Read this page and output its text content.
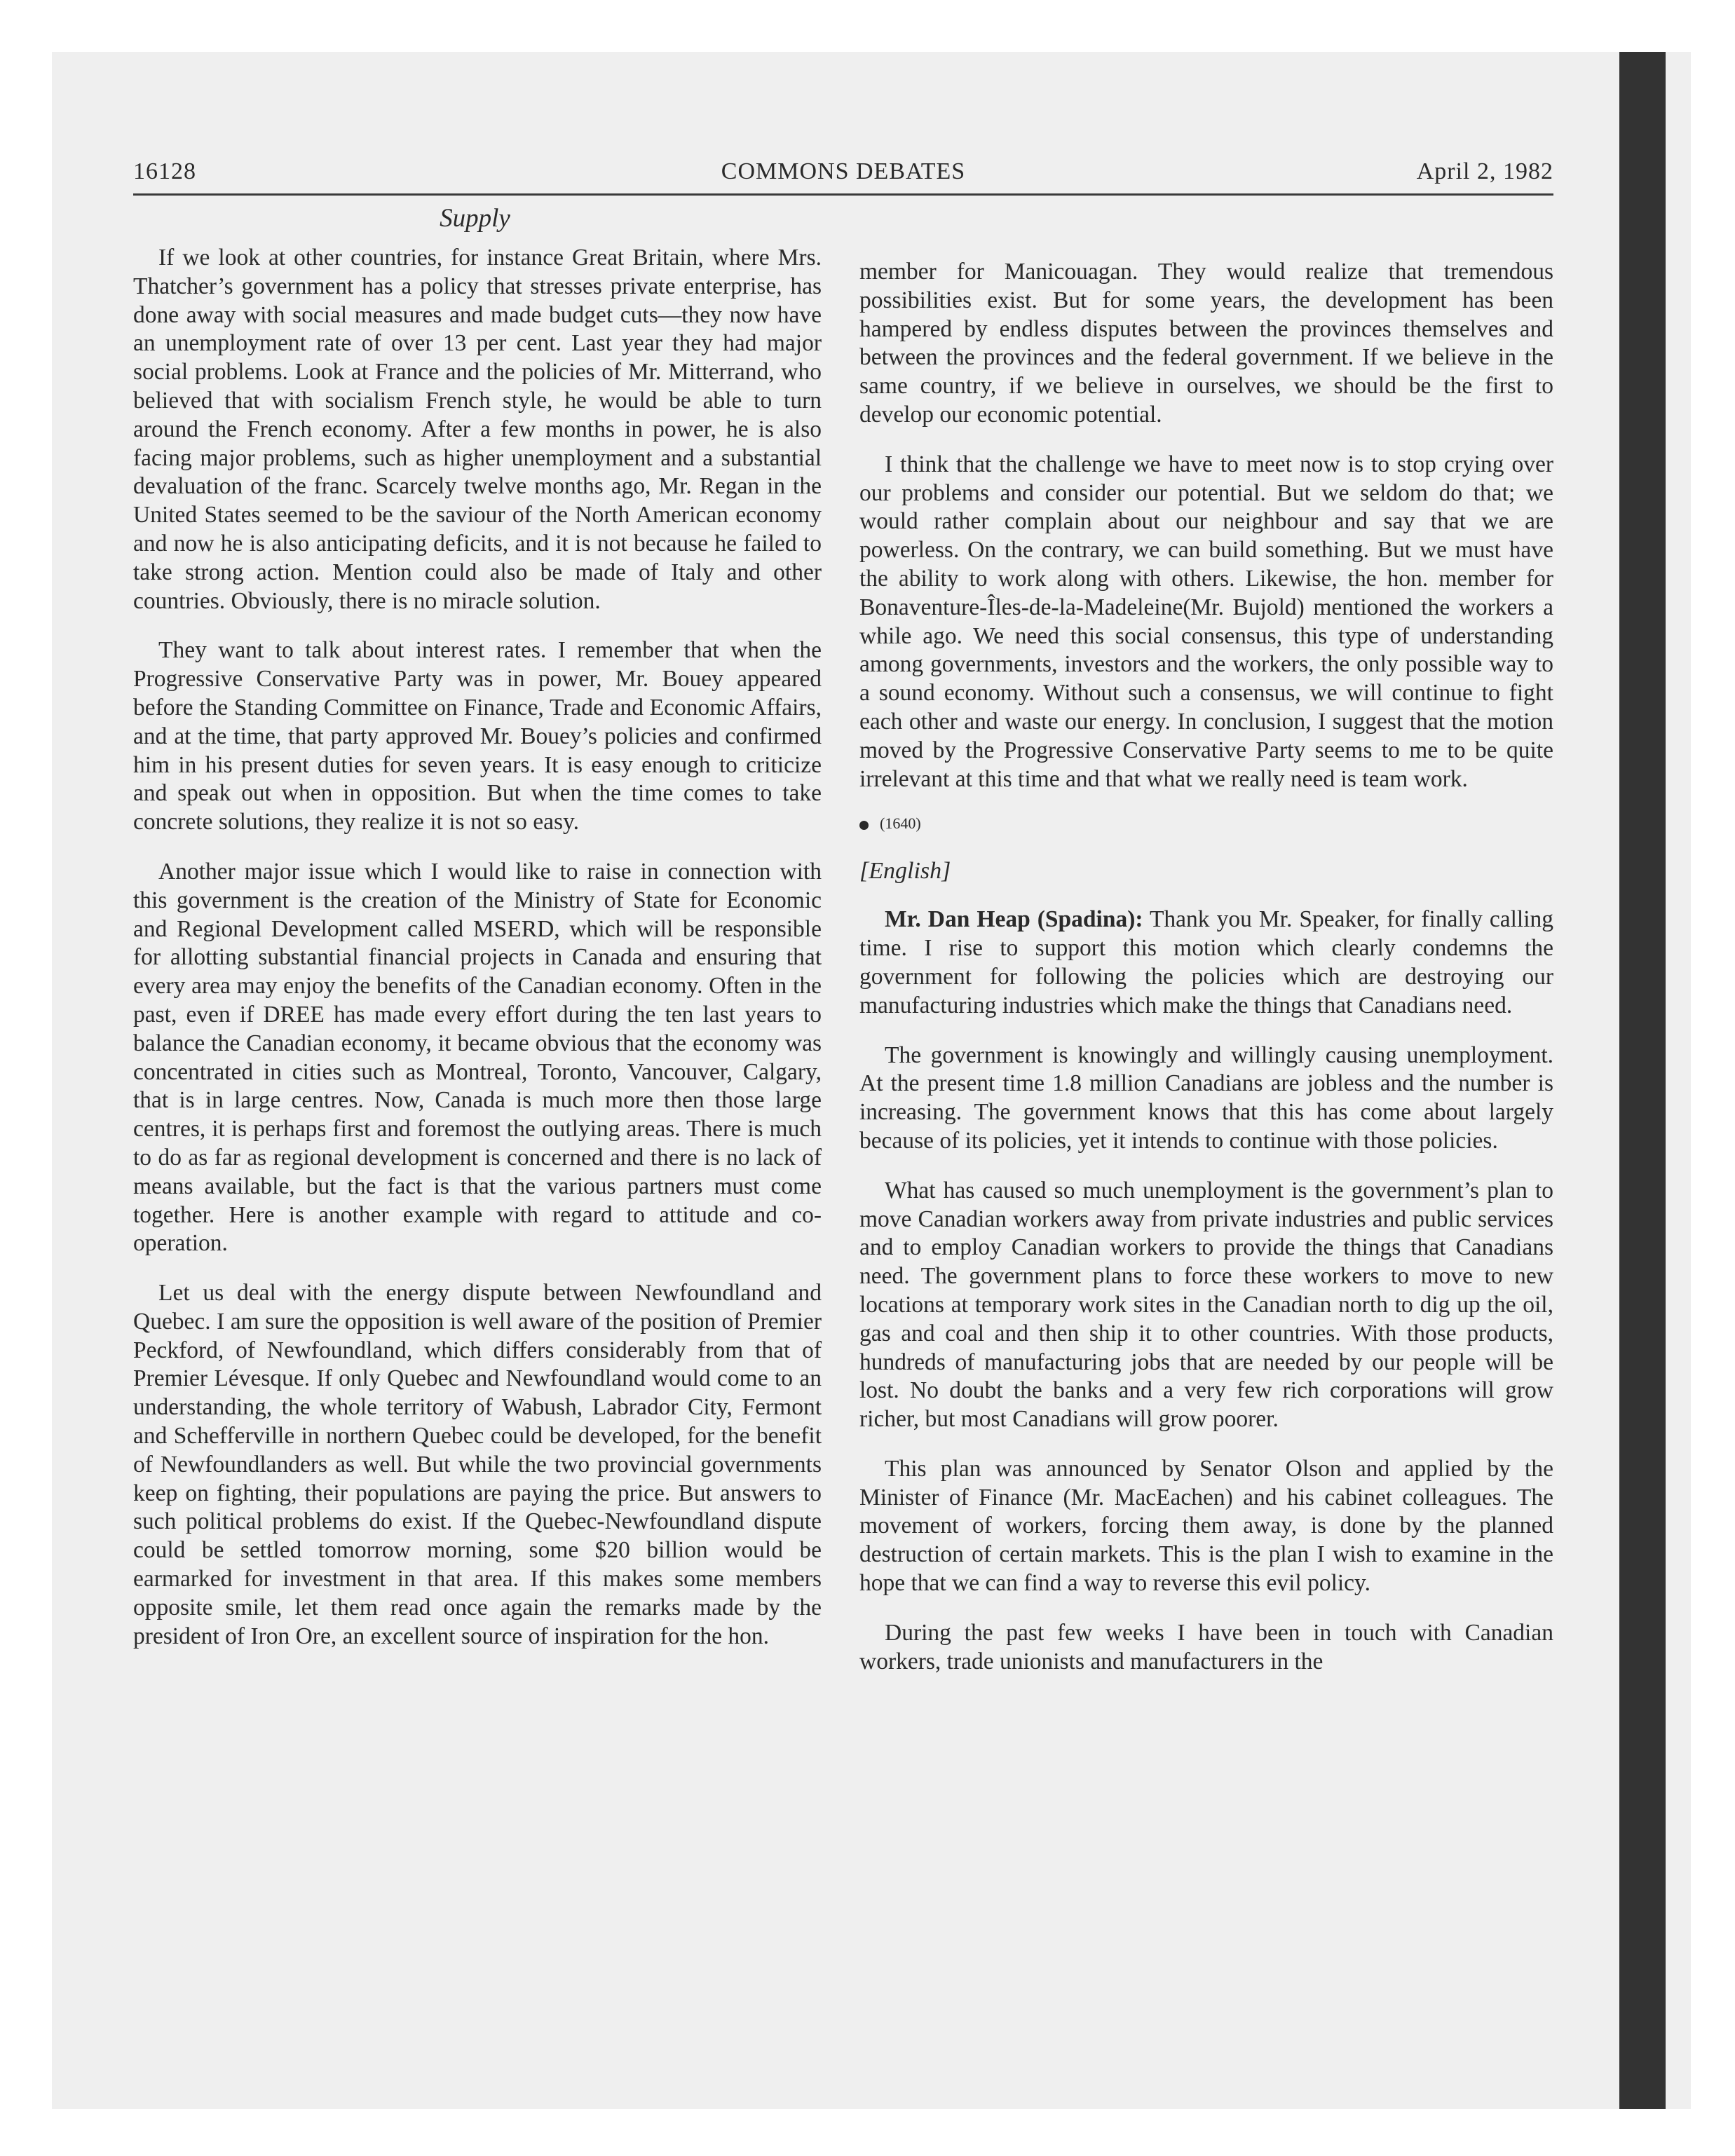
16128	COMMONS DEBATES	April 2, 1982
Supply

If we look at other countries, for instance Great Britain, where Mrs. Thatcher’s government has a policy that stresses private enterprise, has done away with social measures and made budget cuts—they now have an unemployment rate of over 13 per cent. Last year they had major social problems. Look at France and the policies of Mr. Mitterrand, who believed that with socialism French style, he would be able to turn around the French economy. After a few months in power, he is also facing major problems, such as higher unemployment and a substantial devaluation of the franc. Scarcely twelve months ago, Mr. Regan in the United States seemed to be the saviour of the North American economy and now he is also anticipating deficits, and it is not because he failed to take strong action. Mention could also be made of Italy and other countries. Obviously, there is no miracle solution.

They want to talk about interest rates. I remember that when the Progressive Conservative Party was in power, Mr. Bouey appeared before the Standing Committee on Finance, Trade and Economic Affairs, and at the time, that party approved Mr. Bouey’s policies and confirmed him in his present duties for seven years. It is easy enough to criticize and speak out when in opposition. But when the time comes to take concrete solutions, they realize it is not so easy.

Another major issue which I would like to raise in connection with this government is the creation of the Ministry of State for Economic and Regional Development called MSERD, which will be responsible for allotting substantial financial projects in Canada and ensuring that every area may enjoy the benefits of the Canadian economy. Often in the past, even if DREE has made every effort during the ten last years to balance the Canadian economy, it became obvious that the economy was concentrated in cities such as Montreal, Toronto, Vancouver, Calgary, that is in large centres. Now, Canada is much more then those large centres, it is perhaps first and foremost the outlying areas. There is much to do as far as regional development is concerned and there is no lack of means available, but the fact is that the various partners must come together. Here is another example with regard to attitude and co-operation.

Let us deal with the energy dispute between Newfoundland and Quebec. I am sure the opposition is well aware of the position of Premier Peckford, of Newfoundland, which differs considerably from that of Premier Lévesque. If only Quebec and Newfoundland would come to an understanding, the whole territory of Wabush, Labrador City, Fermont and Schefferville in northern Quebec could be developed, for the benefit of Newfoundlanders as well. But while the two provincial governments keep on fighting, their populations are paying the price. But answers to such political problems do exist. If the Quebec-Newfoundland dispute could be settled tomorrow morning, some $20 billion would be earmarked for investment in that area. If this makes some members opposite smile, let them read once again the remarks made by the president of Iron Ore, an excellent source of inspiration for the hon.

member for Manicouagan. They would realize that tremendous possibilities exist. But for some years, the development has been hampered by endless disputes between the provinces themselves and between the provinces and the federal government. If we believe in the same country, if we believe in ourselves, we should be the first to develop our economic potential.

I think that the challenge we have to meet now is to stop crying over our problems and consider our potential. But we seldom do that; we would rather complain about our neighbour and say that we are powerless. On the contrary, we can build something. But we must have the ability to work along with others. Likewise, the hon. member for Bonaventure-Îles-de-la-Madeleine(Mr. Bujold) mentioned the workers a while ago. We need this social consensus, this type of understanding among governments, investors and the workers, the only possible way to a sound economy. Without such a consensus, we will continue to fight each other and waste our energy. In conclusion, I suggest that the motion moved by the Progressive Conservative Party seems to me to be quite irrelevant at this time and that what we really need is team work.

(1640)
[English]

Mr. Dan Heap (Spadina): Thank you Mr. Speaker, for finally calling time. I rise to support this motion which clearly condemns the government for following the policies which are destroying our manufacturing industries which make the things that Canadians need.

The government is knowingly and willingly causing unemployment. At the present time 1.8 million Canadians are jobless and the number is increasing. The government knows that this has come about largely because of its policies, yet it intends to continue with those policies.

What has caused so much unemployment is the government’s plan to move Canadian workers away from private industries and public services and to employ Canadian workers to provide the things that Canadians need. The government plans to force these workers to move to new locations at temporary work sites in the Canadian north to dig up the oil, gas and coal and then ship it to other countries. With those products, hundreds of manufacturing jobs that are needed by our people will be lost. No doubt the banks and a very few rich corporations will grow richer, but most Canadians will grow poorer.

This plan was announced by Senator Olson and applied by the Minister of Finance (Mr. MacEachen) and his cabinet colleagues. The movement of workers, forcing them away, is done by the planned destruction of certain markets. This is the plan I wish to examine in the hope that we can find a way to reverse this evil policy.

During the past few weeks I have been in touch with Canadian workers, trade unionists and manufacturers in the
